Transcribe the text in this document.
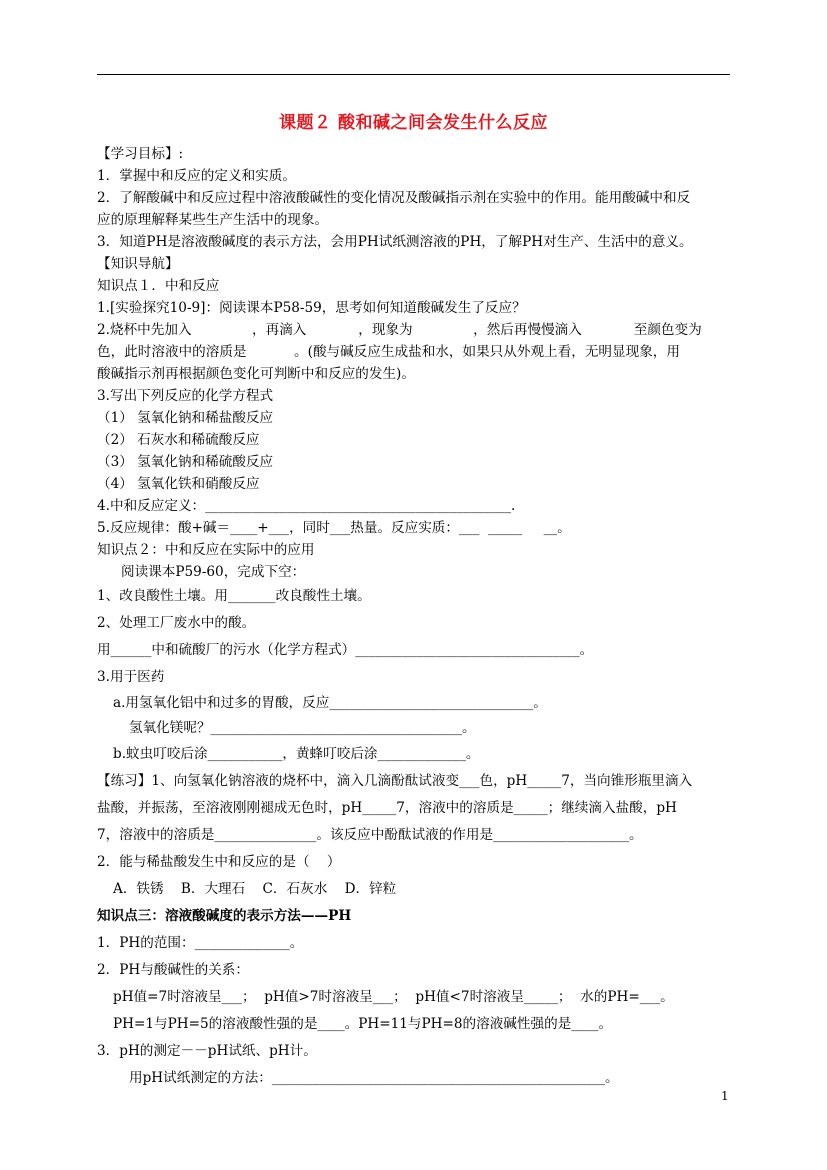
课题２ 酸和碱之间会发生什么反应
【学习目标】:
1．掌握中和反应的定义和实质。
2．了解酸碱中和反应过程中溶液酸碱性的变化情况及酸碱指示剂在实验中的作用。能用酸碱中和反
应的原理解释某些生产生活中的现象。
3．知道PH是溶液酸碱度的表示方法，会用PH试纸测溶液的PH，了解PH对生产、生活中的意义。
【知识导航】
知识点１．中和反应
1.[实验探究10-9]：阅读课本P58-59，思考如何知道酸碱发生了反应？
2.烧杯中先加入              ，再滴入            ，现象为              ，然后再慢慢滴入            至颜色变为
色，此时溶液中的溶质是           。(酸与碱反应生成盐和水，如果只从外观上看，无明显现象，用
酸碱指示剂再根据颜色变化可判断中和反应的发生)。
3.写出下列反应的化学方程式
（1） 氢氧化钠和稀盐酸反应
（2） 石灰水和稀硫酸反应
（3） 氢氧化钠和稀硫酸反应
（4） 氢氧化铁和硝酸反应
4.中和反应定义：_____________________________________________.
5.反应规律：酸+碱＝____+___，同时___热量。反应实质：___  _____     __。
知识点２：中和反应在实际中的应用
阅读课本P59-60，完成下空：
1、改良酸性土壤。用_______改良酸性土壤。
2、处理工厂废水中的酸。
用______中和硫酸厂的污水（化学方程式）_________________________________。
3.用于医药
a.用氢氧化铝中和过多的胃酸，反应______________________________。
氢氧化镁呢？_____________________________________。
b.蚊虫叮咬后涂___________，黄蜂叮咬后涂_____________。
【练习】1、向氢氧化钠溶液的烧杯中，滴入几滴酚酞试液变___色，pH_____7，当向锥形瓶里滴入
盐酸，并振荡，至溶液刚刚褪成无色时，pH_____7，溶液中的溶质是_____；继续滴入盐酸，pH
7，溶液中的溶质是_______________。该反应中酚酞试液的作用是____________________。
2．能与稀盐酸发生中和反应的是（    ）
A．铁锈    B．大理石    C．石灰水    D．锌粒
知识点三：溶液酸碱度的表示方法——PH
1．PH的范围：______________。
2．PH与酸碱性的关系：
pH值=7时溶液呈___；  pH值>7时溶液呈___；  pH值<7时溶液呈_____；  水的PH=___。
PH=1与PH=5的溶液酸性强的是____。PH=11与PH=8的溶液碱性强的是____。
3．pH的测定－－pH试纸、pH计。
用pH试纸测定的方法：_________________________________________________。
1
